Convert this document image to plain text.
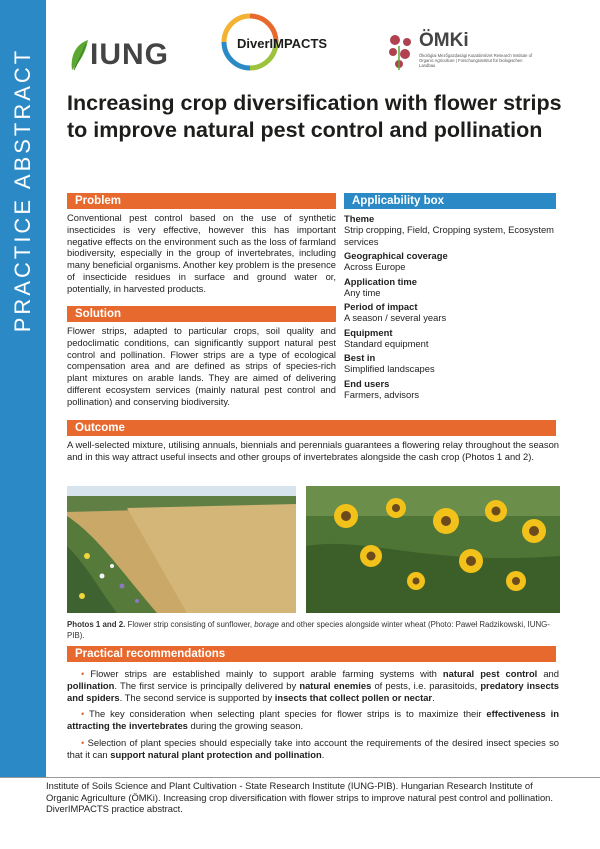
PRACTICE ABSTRACT IUNG	DiverIMPACTS	ÖMKi
Ökológiai Mezőgazdasági Kutatóintézet Research Institute of Organic Agriculture | Forschungsinstitut für biologischen Landbau
Increasing crop diversification with flower strips to improve natural pest control and pollination
Problem

Conventional pest control based on the use of synthetic insecticides is very effective, however this has important negative effects on the environment such as the loss of farmland biodiversity, especially in the group of invertebrates, including many beneficial organisms. Another key problem is the presence of insecticide residues in surface and ground water or, potentially, in harvested products.

Solution

Flower strips, adapted to particular crops, soil quality and pedoclimatic conditions, can significantly support natural pest control and pollination. Flower strips are a type of ecological compensation area and are defined as strips of species-rich plant mixtures on arable lands. They are aimed of delivering different ecosystem services (mainly natural pest control and pollination) and conserving biodiversity.

Applicability box
Theme
Strip cropping, Field, Cropping system, Ecosystem services
Geographical coverage
Across Europe
Application time
Any time
Period of impact
A season / several years
Equipment
Standard equipment
Best in
Simplified landscapes
End users
Farmers, advisors
Outcome

A well-selected mixture, utilising annuals, biennials and perennials guarantees a flowering relay throughout the season and in this way attract useful insects and other groups of invertebrates alongside the cash crop (Photos 1 and 2).

Photos 1 and 2. Flower strip consisting of sunflower, borage and other species alongside winter wheat (Photo: Paweł Radzikowski, IUNG-PIB).

Practical recommendations

• Flower strips are established mainly to support arable farming systems with natural pest control and pollination. The first service is principally delivered by natural enemies of pests, i.e. parasitoids, predatory insects and spiders. The second service is supported by insects that collect pollen or nectar.

• The key consideration when selecting plant species for flower strips is to maximize their effectiveness in attracting the invertebrates during the growing season.

• Selection of plant species should especially take into account the requirements of the desired insect species so that it can support natural plant protection and pollination.

Institute of Soils Science and Plant Cultivation - State Research Institute (IUNG-PIB). Hungarian Research Institute of Organic Agriculture (ÖMKi). Increasing crop diversification with flower strips to improve natural pest control and pollination. DiverIMPACTS practice abstract.
